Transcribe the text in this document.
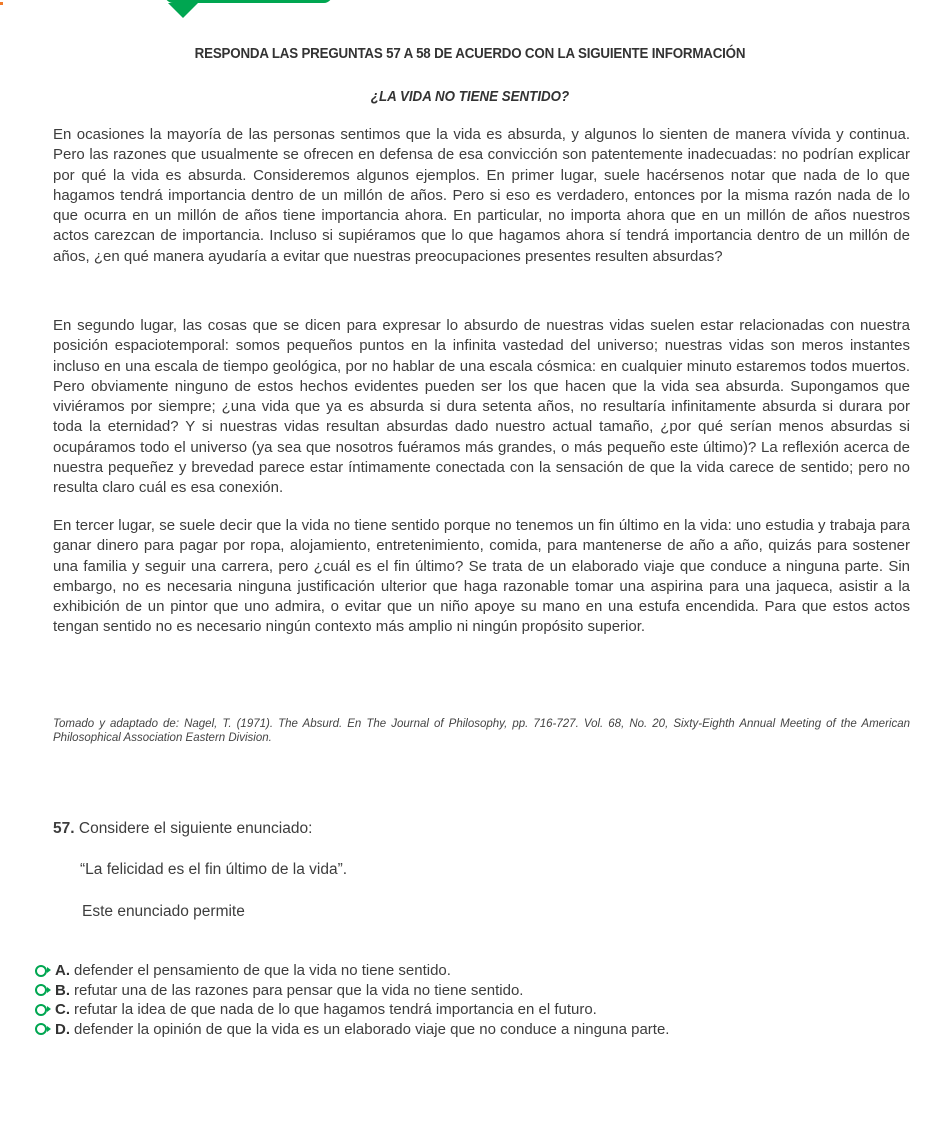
RESPONDA LAS PREGUNTAS 57 A 58 DE ACUERDO CON LA SIGUIENTE INFORMACIÓN
¿LA VIDA NO TIENE SENTIDO?

En ocasiones la mayoría de las personas sentimos que la vida es absurda, y algunos lo sienten de manera vívida y continua. Pero las razones que usualmente se ofrecen en defensa de esa convicción son patentemente inadecuadas: no podrían explicar por qué la vida es absurda. Consideremos algunos ejemplos. En primer lugar, suele hacérsenos notar que nada de lo que hagamos tendrá importancia dentro de un millón de años. Pero si eso es verdadero, entonces por la misma razón nada de lo que ocurra en un millón de años tiene importancia ahora. En particular, no importa ahora que en un millón de años nuestros actos carezcan de importancia. Incluso si supiéramos que lo que hagamos ahora sí tendrá importancia dentro de un millón de años, ¿en qué manera ayudaría a evitar que nuestras preocupaciones presentes resulten absurdas?

En segundo lugar, las cosas que se dicen para expresar lo absurdo de nuestras vidas suelen estar relacionadas con nuestra posición espaciotemporal: somos pequeños puntos en la infinita vastedad del universo; nuestras vidas son meros instantes incluso en una escala de tiempo geológica, por no hablar de una escala cósmica: en cualquier minuto estaremos todos muertos. Pero obviamente ninguno de estos hechos evidentes pueden ser los que hacen que la vida sea absurda. Supongamos que viviéramos por siempre; ¿una vida que ya es absurda si dura setenta años, no resultaría infinitamente absurda si durara por toda la eternidad? Y si nuestras vidas resultan absurdas dado nuestro actual tamaño, ¿por qué serían menos absurdas si ocupáramos todo el universo (ya sea que nosotros fuéramos más grandes, o más pequeño este último)? La reflexión acerca de nuestra pequeñez y brevedad parece estar íntimamente conectada con la sensación de que la vida carece de sentido; pero no resulta claro cuál es esa conexión.

En tercer lugar, se suele decir que la vida no tiene sentido porque no tenemos un fin último en la vida: uno estudia y trabaja para ganar dinero para pagar por ropa, alojamiento, entretenimiento, comida, para mantenerse de año a año, quizás para sostener una familia y seguir una carrera, pero ¿cuál es el fin último? Se trata de un elaborado viaje que conduce a ninguna parte. Sin embargo, no es necesaria ninguna justificación ulterior que haga razonable tomar una aspirina para una jaqueca, asistir a la exhibición de un pintor que uno admira, o evitar que un niño apoye su mano en una estufa encendida. Para que estos actos tengan sentido no es necesario ningún contexto más amplio ni ningún propósito superior.

Tomado y adaptado de: Nagel, T. (1971). The Absurd. En The Journal of Philosophy, pp. 716-727. Vol. 68, No. 20, Sixty-Eighth Annual Meeting of the American Philosophical Association Eastern Division.
57. Considere el siguiente enunciado:
“La felicidad es el fin último de la vida”.
Este enunciado permite
A. defender el pensamiento de que la vida no tiene sentido.
B. refutar una de las razones para pensar que la vida no tiene sentido.
C. refutar la idea de que nada de lo que hagamos tendrá importancia en el futuro.
D. defender la opinión de que la vida es un elaborado viaje que no conduce a ninguna parte.
